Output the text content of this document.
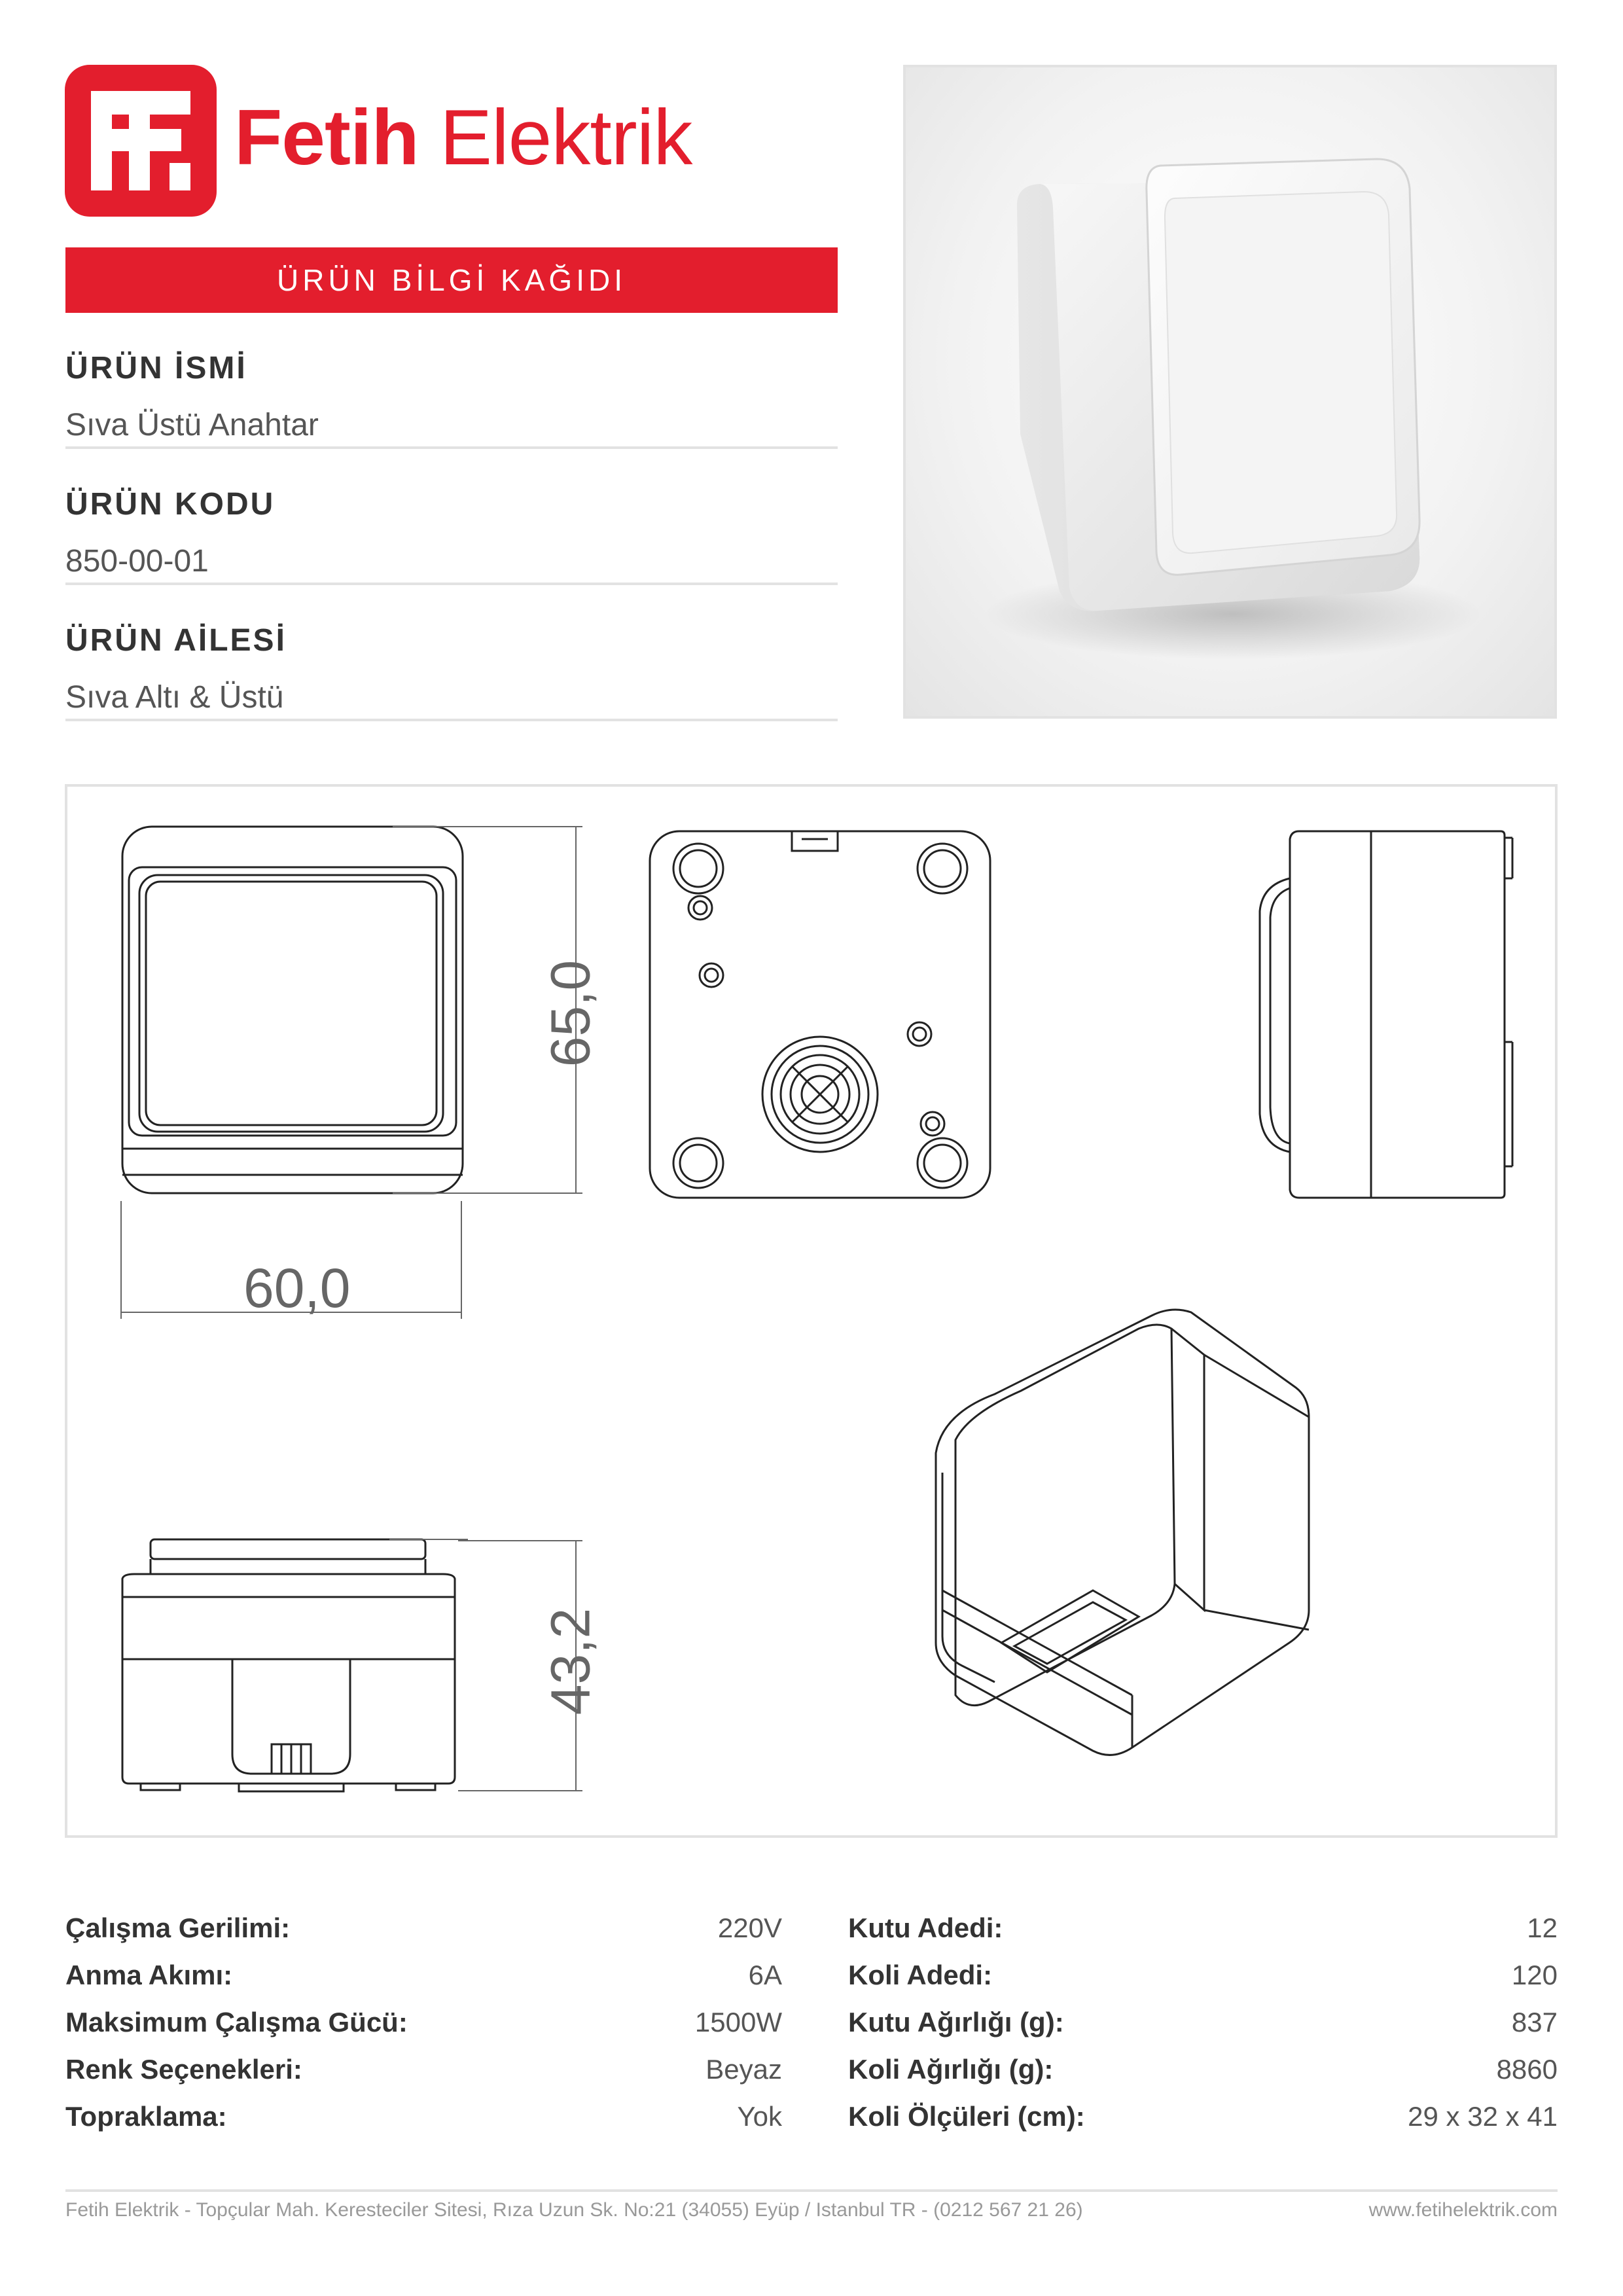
Fetih Elektrik
ÜRÜN BİLGİ KAĞIDI
ÜRÜN İSMİ
Sıva Üstü Anahtar
ÜRÜN KODU
850-00-01
ÜRÜN AİLESİ
Sıva Altı & Üstü
65,0
60,0
43,2
Çalışma Gerilimi:	220V
Anma Akımı:	6A
Maksimum Çalışma Gücü:	1500W
Renk Seçenekleri:	Beyaz
Topraklama:	Yok
Kutu Adedi:	12
Koli Adedi:	120
Kutu Ağırlığı (g):	837
Koli Ağırlığı (g):	8860
Koli Ölçüleri (cm):	29 x 32 x 41
Fetih Elektrik - Topçular Mah. Kerestеciler Sitesi, Rıza Uzun Sk. No:21 (34055) Eyüp / Istanbul TR - (0212 567 21 26)	www.fetihelektrik.com
